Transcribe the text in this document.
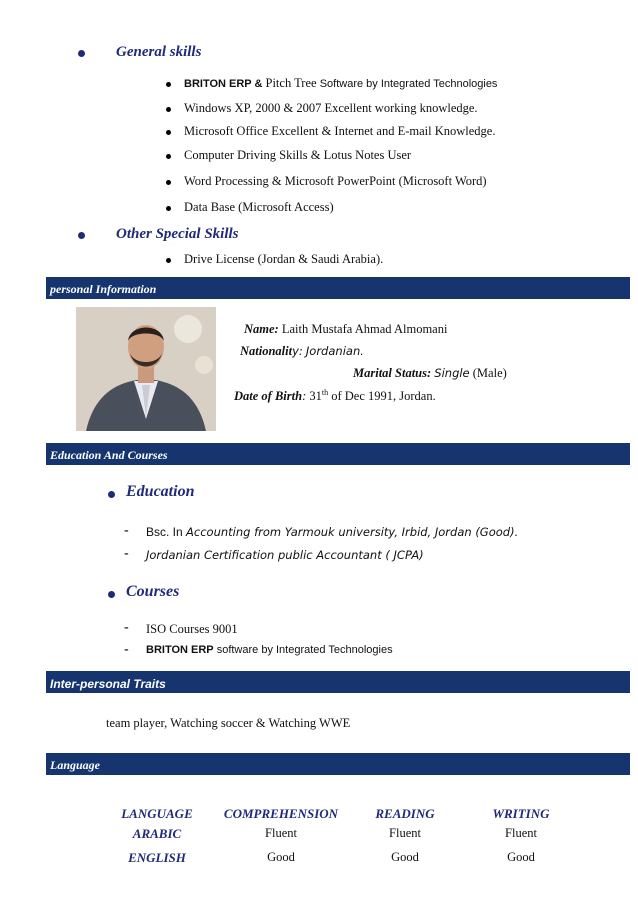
General skills
BRITON ERP & Pitch Tree Software by Integrated Technologies
Windows XP, 2000 & 2007 Excellent working knowledge.
Microsoft Office Excellent & Internet and E-mail Knowledge.
Computer Driving Skills & Lotus Notes User
Word Processing & Microsoft PowerPoint (Microsoft Word)
Data Base (Microsoft Access)
Other Special Skills
Drive License (Jordan & Saudi Arabia).
personal Information
Name: Laith Mustafa Ahmad Almomani
Nationality: Jordanian.
Marital Status: Single (Male)
Date of Birth: 31th of Dec 1991, Jordan.
Education And Courses
Education
- Bsc. In Accounting from Yarmouk university, Irbid, Jordan (Good).
- Jordanian Certification public Accountant ( JCPA)
Courses
- ISO Courses 9001
- BRITON ERP software by Integrated Technologies
Inter-personal Traits
team player, Watching soccer & Watching WWE
Language
LANGUAGE	COMPREHENSION	READING	WRITING
ARABIC	Fluent	Fluent	Fluent
ENGLISH	Good	Good	Good
